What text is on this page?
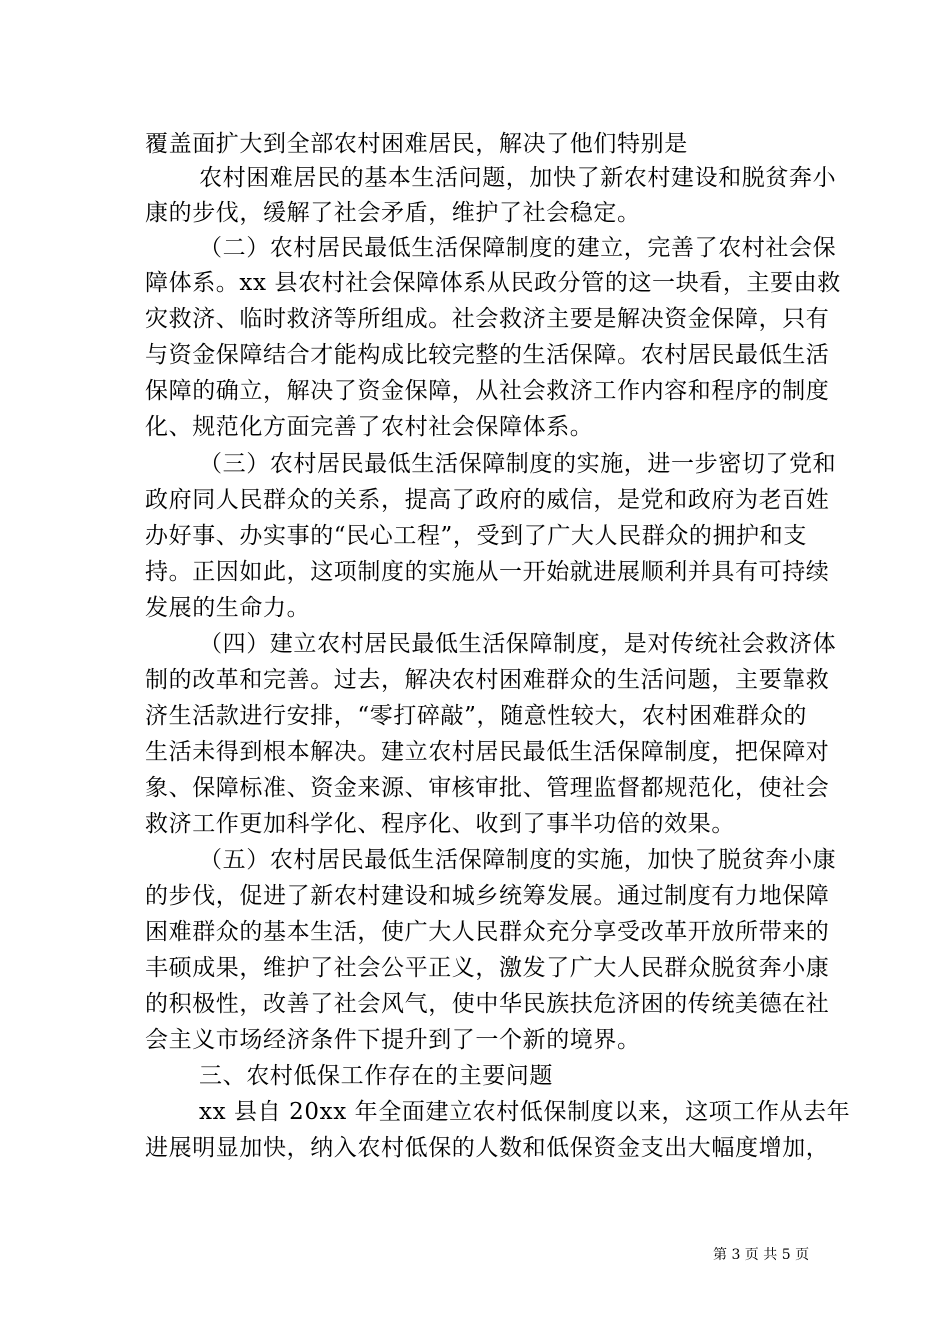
覆盖面扩大到全部农村困难居民，解决了他们特别是
农村困难居民的基本生活问题，加快了新农村建设和脱贫奔小
康的步伐，缓解了社会矛盾，维护了社会稳定。
（二）农村居民最低生活保障制度的建立，完善了农村社会保
障体系。xx 县农村社会保障体系从民政分管的这一块看，主要由救
灾救济、临时救济等所组成。社会救济主要是解决资金保障，只有
与资金保障结合才能构成比较完整的生活保障。农村居民最低生活
保障的确立，解决了资金保障，从社会救济工作内容和程序的制度
化、规范化方面完善了农村社会保障体系。
（三）农村居民最低生活保障制度的实施，进一步密切了党和
政府同人民群众的关系，提高了政府的威信，是党和政府为老百姓
办好事、办实事的“民心工程”，受到了广大人民群众的拥护和支
持。正因如此，这项制度的实施从一开始就进展顺利并具有可持续
发展的生命力。
（四）建立农村居民最低生活保障制度，是对传统社会救济体
制的改革和完善。过去，解决农村困难群众的生活问题，主要靠救
济生活款进行安排，“零打碎敲”，随意性较大，农村困难群众的
生活未得到根本解决。建立农村居民最低生活保障制度，把保障对
象、保障标准、资金来源、审核审批、管理监督都规范化，使社会
救济工作更加科学化、程序化、收到了事半功倍的效果。
（五）农村居民最低生活保障制度的实施，加快了脱贫奔小康
的步伐，促进了新农村建设和城乡统筹发展。通过制度有力地保障
困难群众的基本生活，使广大人民群众充分享受改革开放所带来的
丰硕成果，维护了社会公平正义，激发了广大人民群众脱贫奔小康
的积极性，改善了社会风气，使中华民族扶危济困的传统美德在社
会主义市场经济条件下提升到了一个新的境界。
三、农村低保工作存在的主要问题
xx 县自 20xx 年全面建立农村低保制度以来，这项工作从去年
进展明显加快，纳入农村低保的人数和低保资金支出大幅度增加，
第 3 页 共 5 页
